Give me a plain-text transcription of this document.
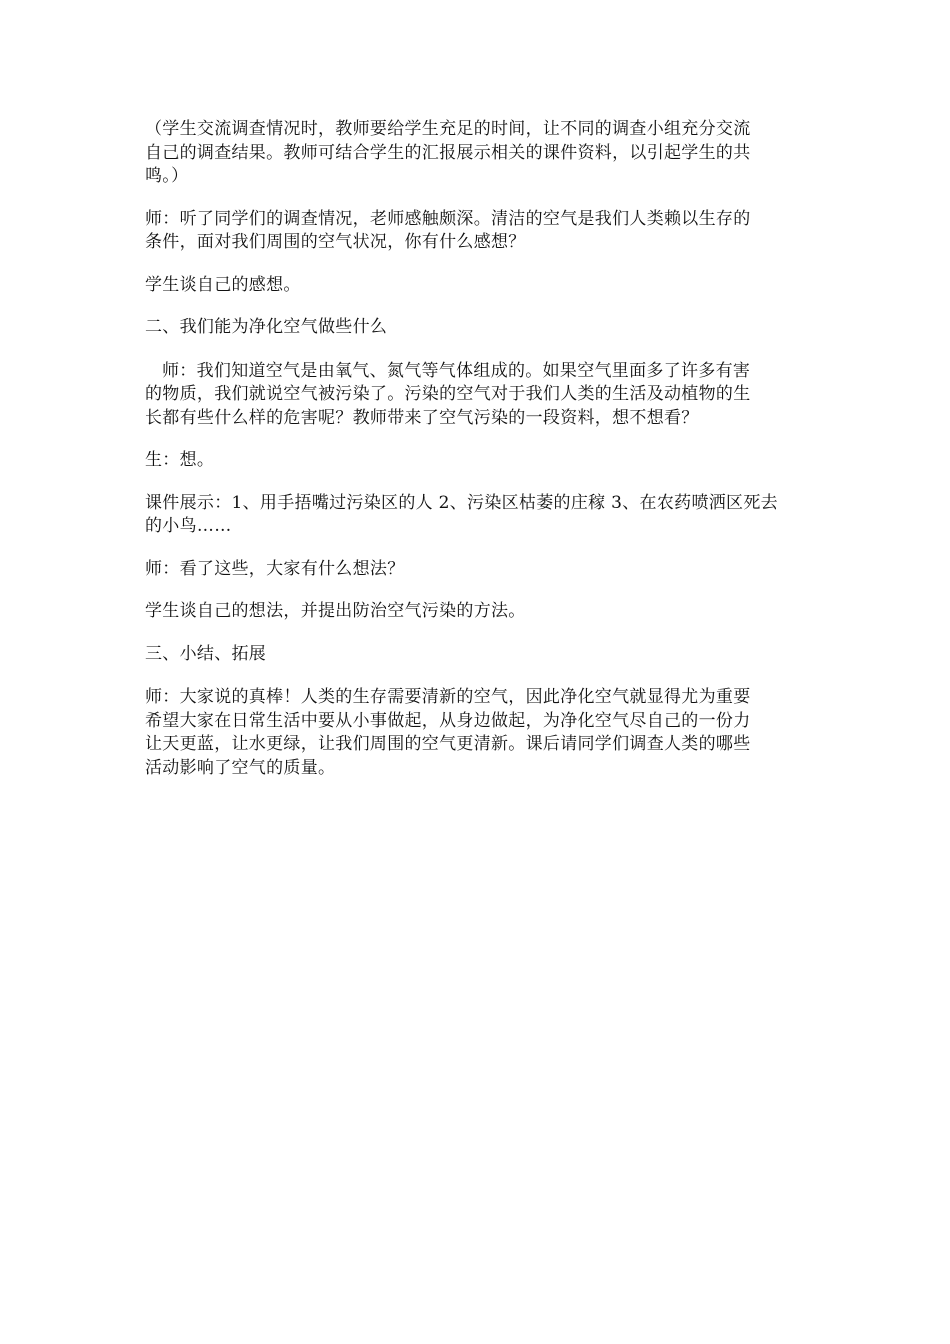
（学生交流调查情况时，教师要给学生充足的时间，让不同的调查小组充分交流
自己的调查结果。教师可结合学生的汇报展示相关的课件资料，以引起学生的共
鸣。）

师：听了同学们的调查情况，老师感触颇深。清洁的空气是我们人类赖以生存的
条件，面对我们周围的空气状况，你有什么感想？

学生谈自己的感想。

二、我们能为净化空气做些什么

师：我们知道空气是由氧气、氮气等气体组成的。如果空气里面多了许多有害
的物质，我们就说空气被污染了。污染的空气对于我们人类的生活及动植物的生
长都有些什么样的危害呢？教师带来了空气污染的一段资料，想不想看？

生：想。

课件展示：1、用手捂嘴过污染区的人 2、污染区枯萎的庄稼 3、在农药喷洒区死去
的小鸟……

师：看了这些，大家有什么想法？

学生谈自己的想法，并提出防治空气污染的方法。

三、小结、拓展

师：大家说的真棒！人类的生存需要清新的空气，因此净化空气就显得尤为重要
希望大家在日常生活中要从小事做起，从身边做起，为净化空气尽自己的一份力
让天更蓝，让水更绿，让我们周围的空气更清新。课后请同学们调查人类的哪些
活动影响了空气的质量。
